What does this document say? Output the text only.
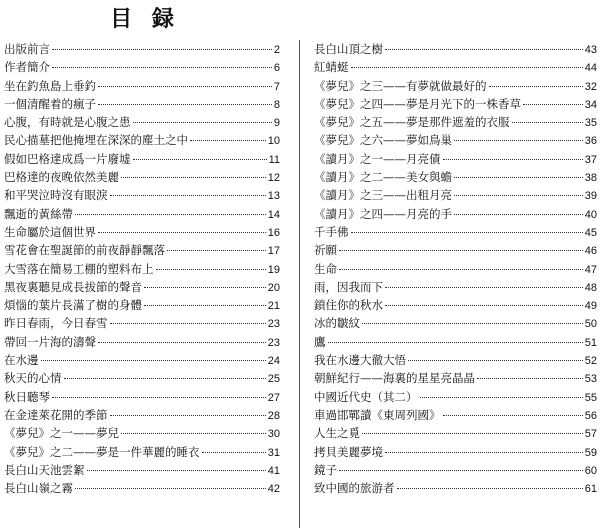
目 録
出版前言	2
作者簡介	6
坐在釣魚島上垂釣	7
一個清醒着的瘋子	8
心腹，有時就是心腹之患	9
民心描墓把他掩埋在深深的塵土之中	10
假如巴格達成爲一片廢墟	11
巴格達的夜晚依然美麗	12
和平哭泣時沒有眼淚	13
飄逝的黃絲帶	14
生命屬於這個世界	16
雪花會在聖誕節的前夜靜靜飄落	17
大雪落在簡易工棚的塑料布上	19
黑夜裏聽見成長拔節的聲音	20
煩惱的葉片長滿了樹的身體	21
昨日春雨，今日春雪	23
帶回一片海的濤聲	23
在水邊	24
秋天的心情	25
秋日聽琴	27
在金達萊花開的季節	28
《夢兒》之一——夢兒	30
《夢兒》之二——夢是一件華麗的睡衣	31
長白山天池雲絮	41
長白山嶺之霧	42
長白山頂之樹	43
紅蜻蜓	44
《夢兒》之三——有夢就做最好的	32
《夢兒》之四——夢是月光下的一株香草	34
《夢兒》之五——夢是那件遮羞的衣服	35
《夢兒》之六——夢如鳥巢	36
《讀月》之一——月亮債	37
《讀月》之二——美女與蟾	38
《讀月》之三——出租月亮	39
《讀月》之四——月亮的手	40
千手佛	45
祈願	46
生命	47
雨，因我而下	48
鎖住你的秋水	49
冰的皺紋	50
鷹	51
我在水邊大徹大悟	52
朝鮮紀行——海裏的星星亮晶晶	53
中國近代史（其二）	55
車過邯鄲讀《東周列國》	56
人生之覓	57
拷貝美麗夢境	59
鏡子	60
致中國的旅游者	61
